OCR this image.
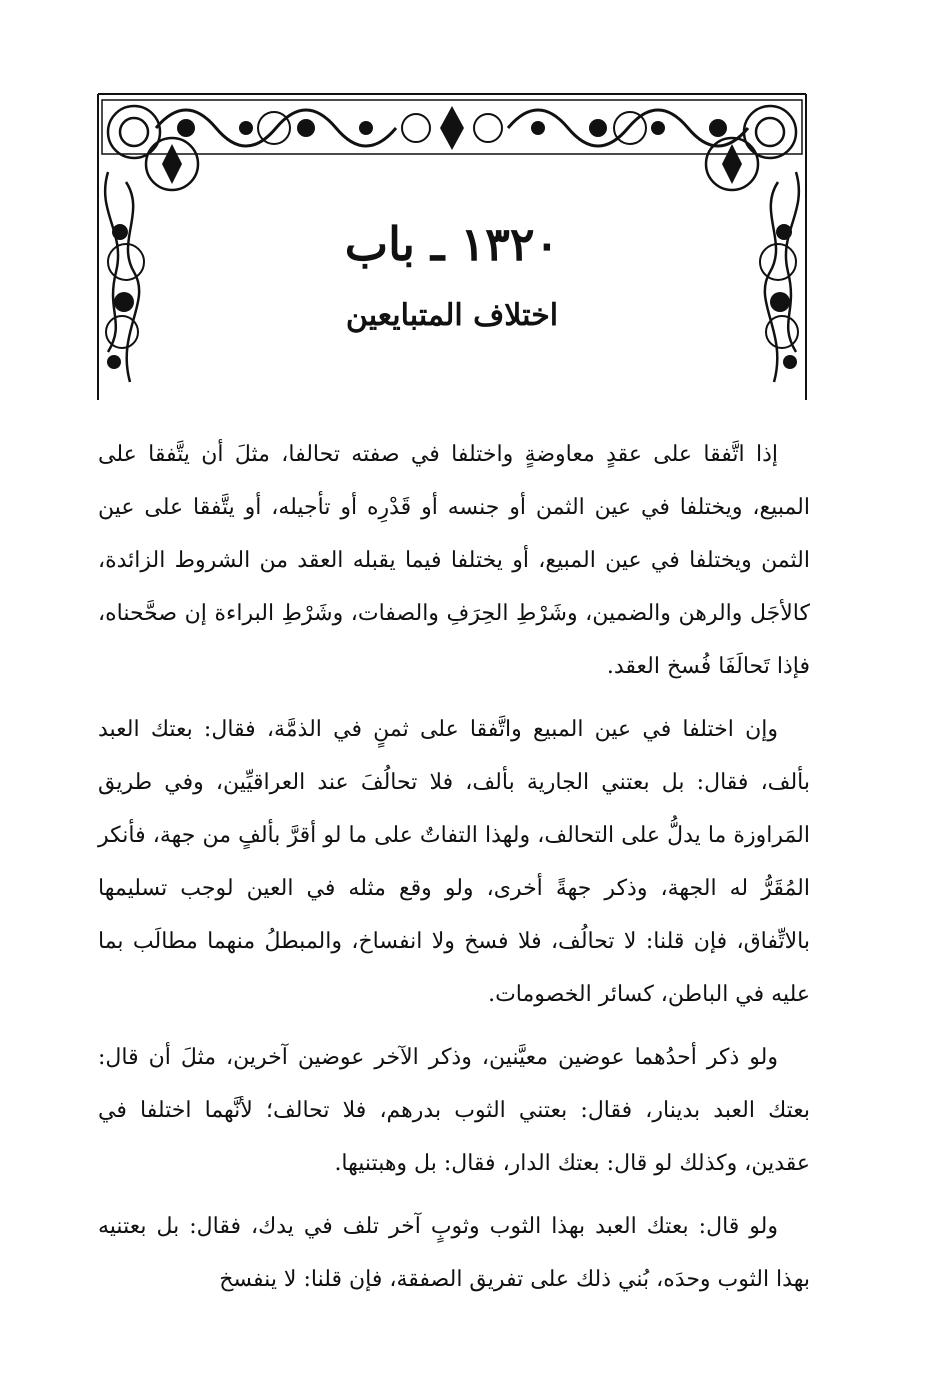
١٣٢٠ ـ باب
اختلاف المتبايعين

إذا اتَّفقا على عقدٍ معاوضةٍ واختلفا في صفته تحالفا، مثلَ أن يتَّفقا على المبيع، ويختلفا في عين الثمن أو جنسه أو قَدْرِه أو تأجيله، أو يتَّفقا على عين الثمن ويختلفا في عين المبيع، أو يختلفا فيما يقبله العقد من الشروط الزائدة، كالأجَل والرهن والضمين، وشَرْطِ الحِرَفِ والصفات، وشَرْطِ البراءة إن صحَّحناه، فإذا تَحالَفَا فُسخ العقد.

وإن اختلفا في عين المبيع واتَّفقا على ثمنٍ في الذمَّة، فقال: بعتك العبد بألف، فقال: بل بعتني الجارية بألف، فلا تحالُفَ عند العراقيِّين، وفي طريق المَراوزة ما يدلُّ على التحالف، ولهذا التفاتٌ على ما لو أقرَّ بألفٍ من جهة، فأنكر المُقَرُّ له الجهة، وذكر جهةً أخرى، ولو وقع مثله في العين لوجب تسليمها بالاتِّفاق، فإن قلنا: لا تحالُف، فلا فسخ ولا انفساخ، والمبطلُ منهما مطالَب بما عليه في الباطن، كسائر الخصومات.

ولو ذكر أحدُهما عوضين معيَّنين، وذكر الآخر عوضين آخرين، مثلَ أن قال: بعتك العبد بدينار، فقال: بعتني الثوب بدرهم، فلا تحالف؛ لأنَّهما اختلفا في عقدين، وكذلك لو قال: بعتك الدار، فقال: بل وهبتنيها.

ولو قال: بعتك العبد بهذا الثوب وثوبٍ آخر تلف في يدك، فقال: بل بعتنيه بهذا الثوب وحدَه، بُني ذلك على تفريق الصفقة، فإن قلنا: لا ينفسخ
